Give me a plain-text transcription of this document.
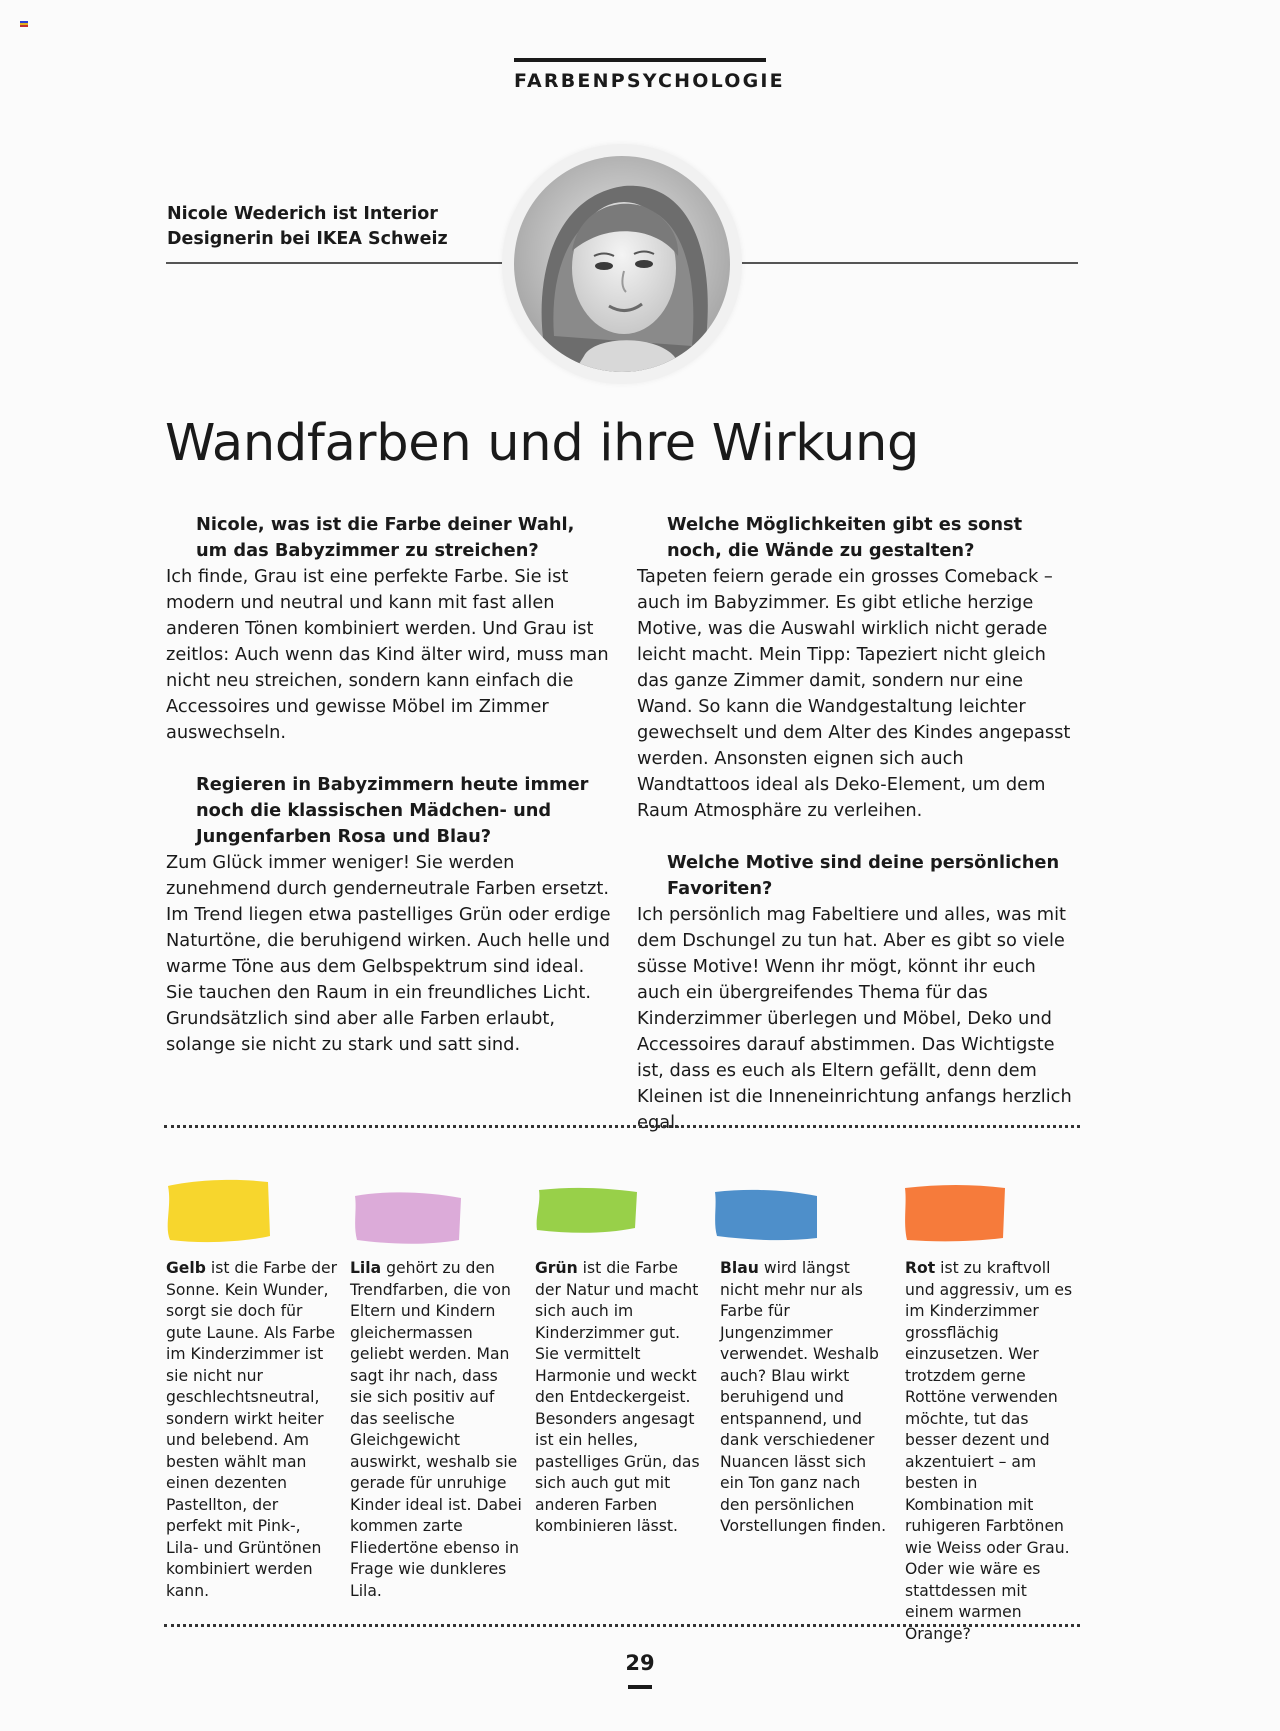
FARBENPSYCHOLOGIE
Nicole Wederich ist Interior
Designerin bei IKEA Schweiz
Wandfarben und ihre Wirkung

Nicole, was ist die Farbe deiner Wahl, um das Babyzimmer zu streichen?

Ich finde, Grau ist eine perfekte Farbe. Sie ist modern und neutral und kann mit fast allen anderen Tönen kombiniert werden. Und Grau ist zeitlos: Auch wenn das Kind älter wird, muss man nicht neu streichen, sondern kann einfach die Accessoires und gewisse Möbel im Zimmer auswechseln.

Regieren in Babyzimmern heute immer noch die klassischen Mädchen- und Jungenfarben Rosa und Blau?

Zum Glück immer weniger! Sie werden zunehmend durch genderneutrale Farben ersetzt. Im Trend liegen etwa pastelliges Grün oder erdige Naturtöne, die beruhigend wirken. Auch helle und warme Töne aus dem Gelbspektrum sind ideal. Sie tauchen den Raum in ein freundliches Licht. Grundsätzlich sind aber alle Farben erlaubt, solange sie nicht zu stark und satt sind.

Welche Möglichkeiten gibt es sonst noch, die Wände zu gestalten?

Tapeten feiern gerade ein grosses Comeback – auch im Babyzimmer. Es gibt etliche herzige Motive, was die Auswahl wirklich nicht gerade leicht macht. Mein Tipp: Tapeziert nicht gleich das ganze Zimmer damit, sondern nur eine Wand. So kann die Wandgestaltung leichter gewechselt und dem Alter des Kindes angepasst werden. Ansonsten eignen sich auch Wandtattoos ideal als Deko-Element, um dem Raum Atmosphäre zu verleihen.

Welche Motive sind deine persönlichen Favoriten?

Ich persönlich mag Fabeltiere und alles, was mit dem Dschungel zu tun hat. Aber es gibt so viele süsse Motive! Wenn ihr mögt, könnt ihr euch auch ein übergreifendes Thema für das Kinderzimmer überlegen und Möbel, Deko und Accessoires darauf abstimmen. Das Wichtigste ist, dass es euch als Eltern gefällt, denn dem Kleinen ist die Inneneinrichtung anfangs herzlich egal.

Gelb ist die Farbe der Sonne. Kein Wunder, sorgt sie doch für gute Laune. Als Farbe im Kinderzimmer ist sie nicht nur geschlechtsneutral, sondern wirkt heiter und belebend. Am besten wählt man einen dezenten Pastellton, der perfekt mit Pink-, Lila- und Grüntönen kombiniert werden kann.
Lila gehört zu den Trendfarben, die von Eltern und Kindern gleichermassen geliebt werden. Man sagt ihr nach, dass sie sich positiv auf das seelische Gleichgewicht auswirkt, weshalb sie gerade für unruhige Kinder ideal ist. Dabei kommen zarte Fliedertöne ebenso in Frage wie dunkleres Lila.
Grün ist die Farbe der Natur und macht sich auch im Kinderzimmer gut. Sie vermittelt Harmonie und weckt den Entdeckergeist. Besonders angesagt ist ein helles, pastelliges Grün, das sich auch gut mit anderen Farben kombinieren lässt.
Blau wird längst nicht mehr nur als Farbe für Jungenzimmer verwendet. Weshalb auch? Blau wirkt beruhigend und entspannend, und dank verschiedener Nuancen lässt sich ein Ton ganz nach den persönlichen Vorstellungen finden.
Rot ist zu kraftvoll und aggressiv, um es im Kinderzimmer grossflächig einzusetzen. Wer trotzdem gerne Rottöne verwenden möchte, tut das besser dezent und akzentuiert – am besten in Kombination mit ruhigeren Farbtönen wie Weiss oder Grau. Oder wie wäre es stattdessen mit einem warmen Orange?
29
